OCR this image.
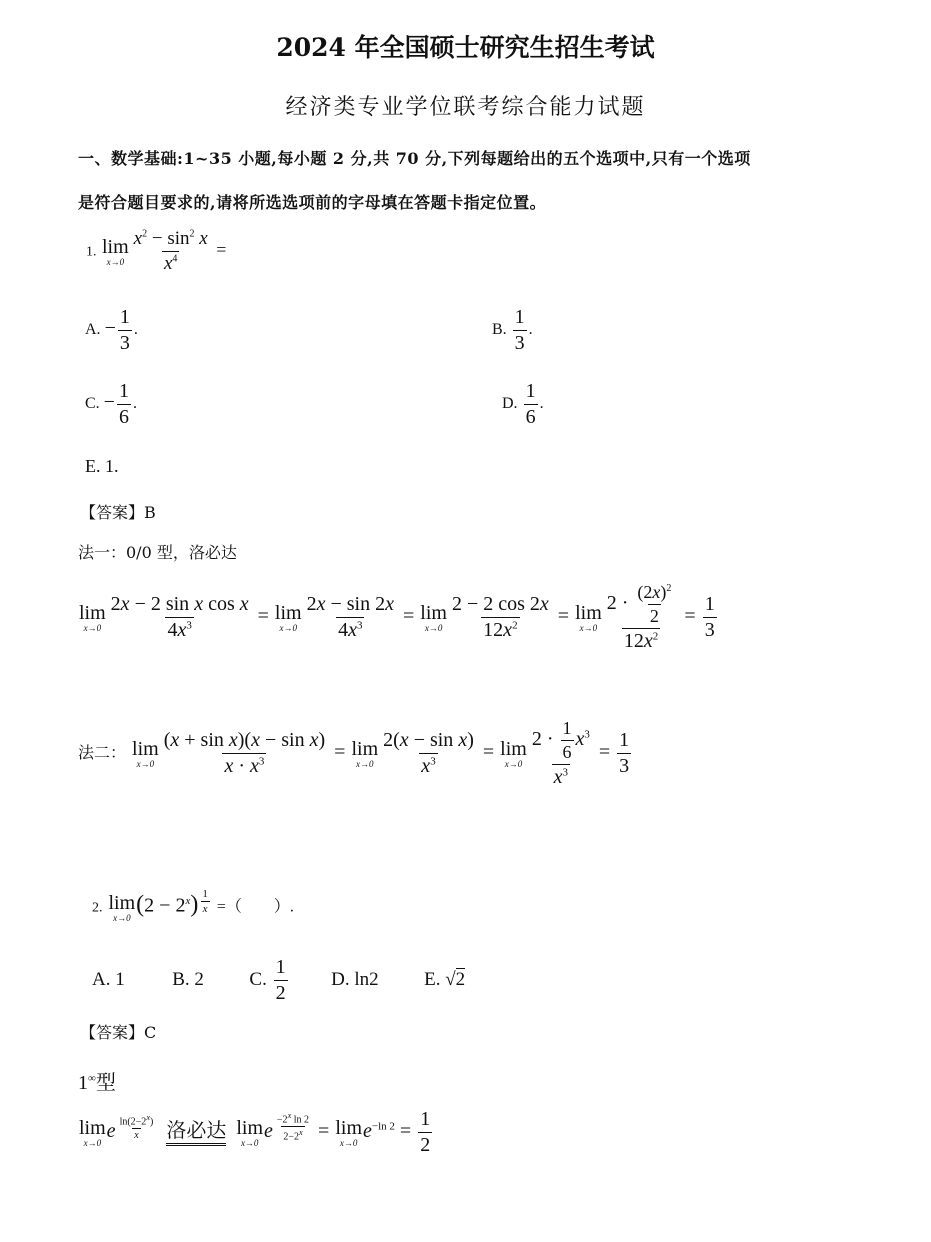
2024 年全国硕士研究生招生考试
经济类专业学位联考综合能力试题
一、数学基础:1~35 小题,每小题 2 分,共 70 分,下列每题给出的五个选项中,只有一个选项
是符合题目要求的,请将所选选项前的字母填在答题卡指定位置。
1. lim
$x\to 0 \frac{x^2 - \sin^2 x}{x^4}$ =
A. − $\frac{1}{3}$ .	B. $\frac{1}{3}$ .
C. − $\frac{1}{6}$ .	D. $\frac{1}{6}$ .
E. 1.
【答案】B
法一：0/0 型，洛必达
lim
$x\to 0 \frac{\text{2x − 2 sin x cos x}}{4x^3} = \lim$
$x\to 0 \frac{2x - \sin 2x}{4x^3} = \lim$
$x\to 0 \frac{2 - 2 \cos 2x}{12x^2} = \lim$
$x\to 0 \frac{2 \cdot \frac{(2x)^2}{2}}{12x^2} = \frac{1}{3}$
法二： lim
$x\to 0 \frac{\text{(x + sin x)(x − sin x)}}{x \cdot x^3} = \lim$
$x\to 0 \frac{\text{2(x − sin x)}}{x^3} = \lim$
$x\to 0 \frac{2 \cdot \frac{1}{6} x^3}{x^3} = \frac{1}{3}$
2. lim
x→0 $(2 - 2^x)$ $^{\frac{1}{x}}$ =（　　）.
A. 1	B. 2 C. $\frac{1}{2} D$. ln2 E. √2
【答案】C
1∞型
lim
x→0
e $^{\frac{\ln(2-2^x)}{x}}$ 洛必达 lim
x→0
e $^{\frac{-2^x \ln 2}{2-2^x}}$ = lim
x→0
$e^{-ln 2} = \frac{1}{2}$
